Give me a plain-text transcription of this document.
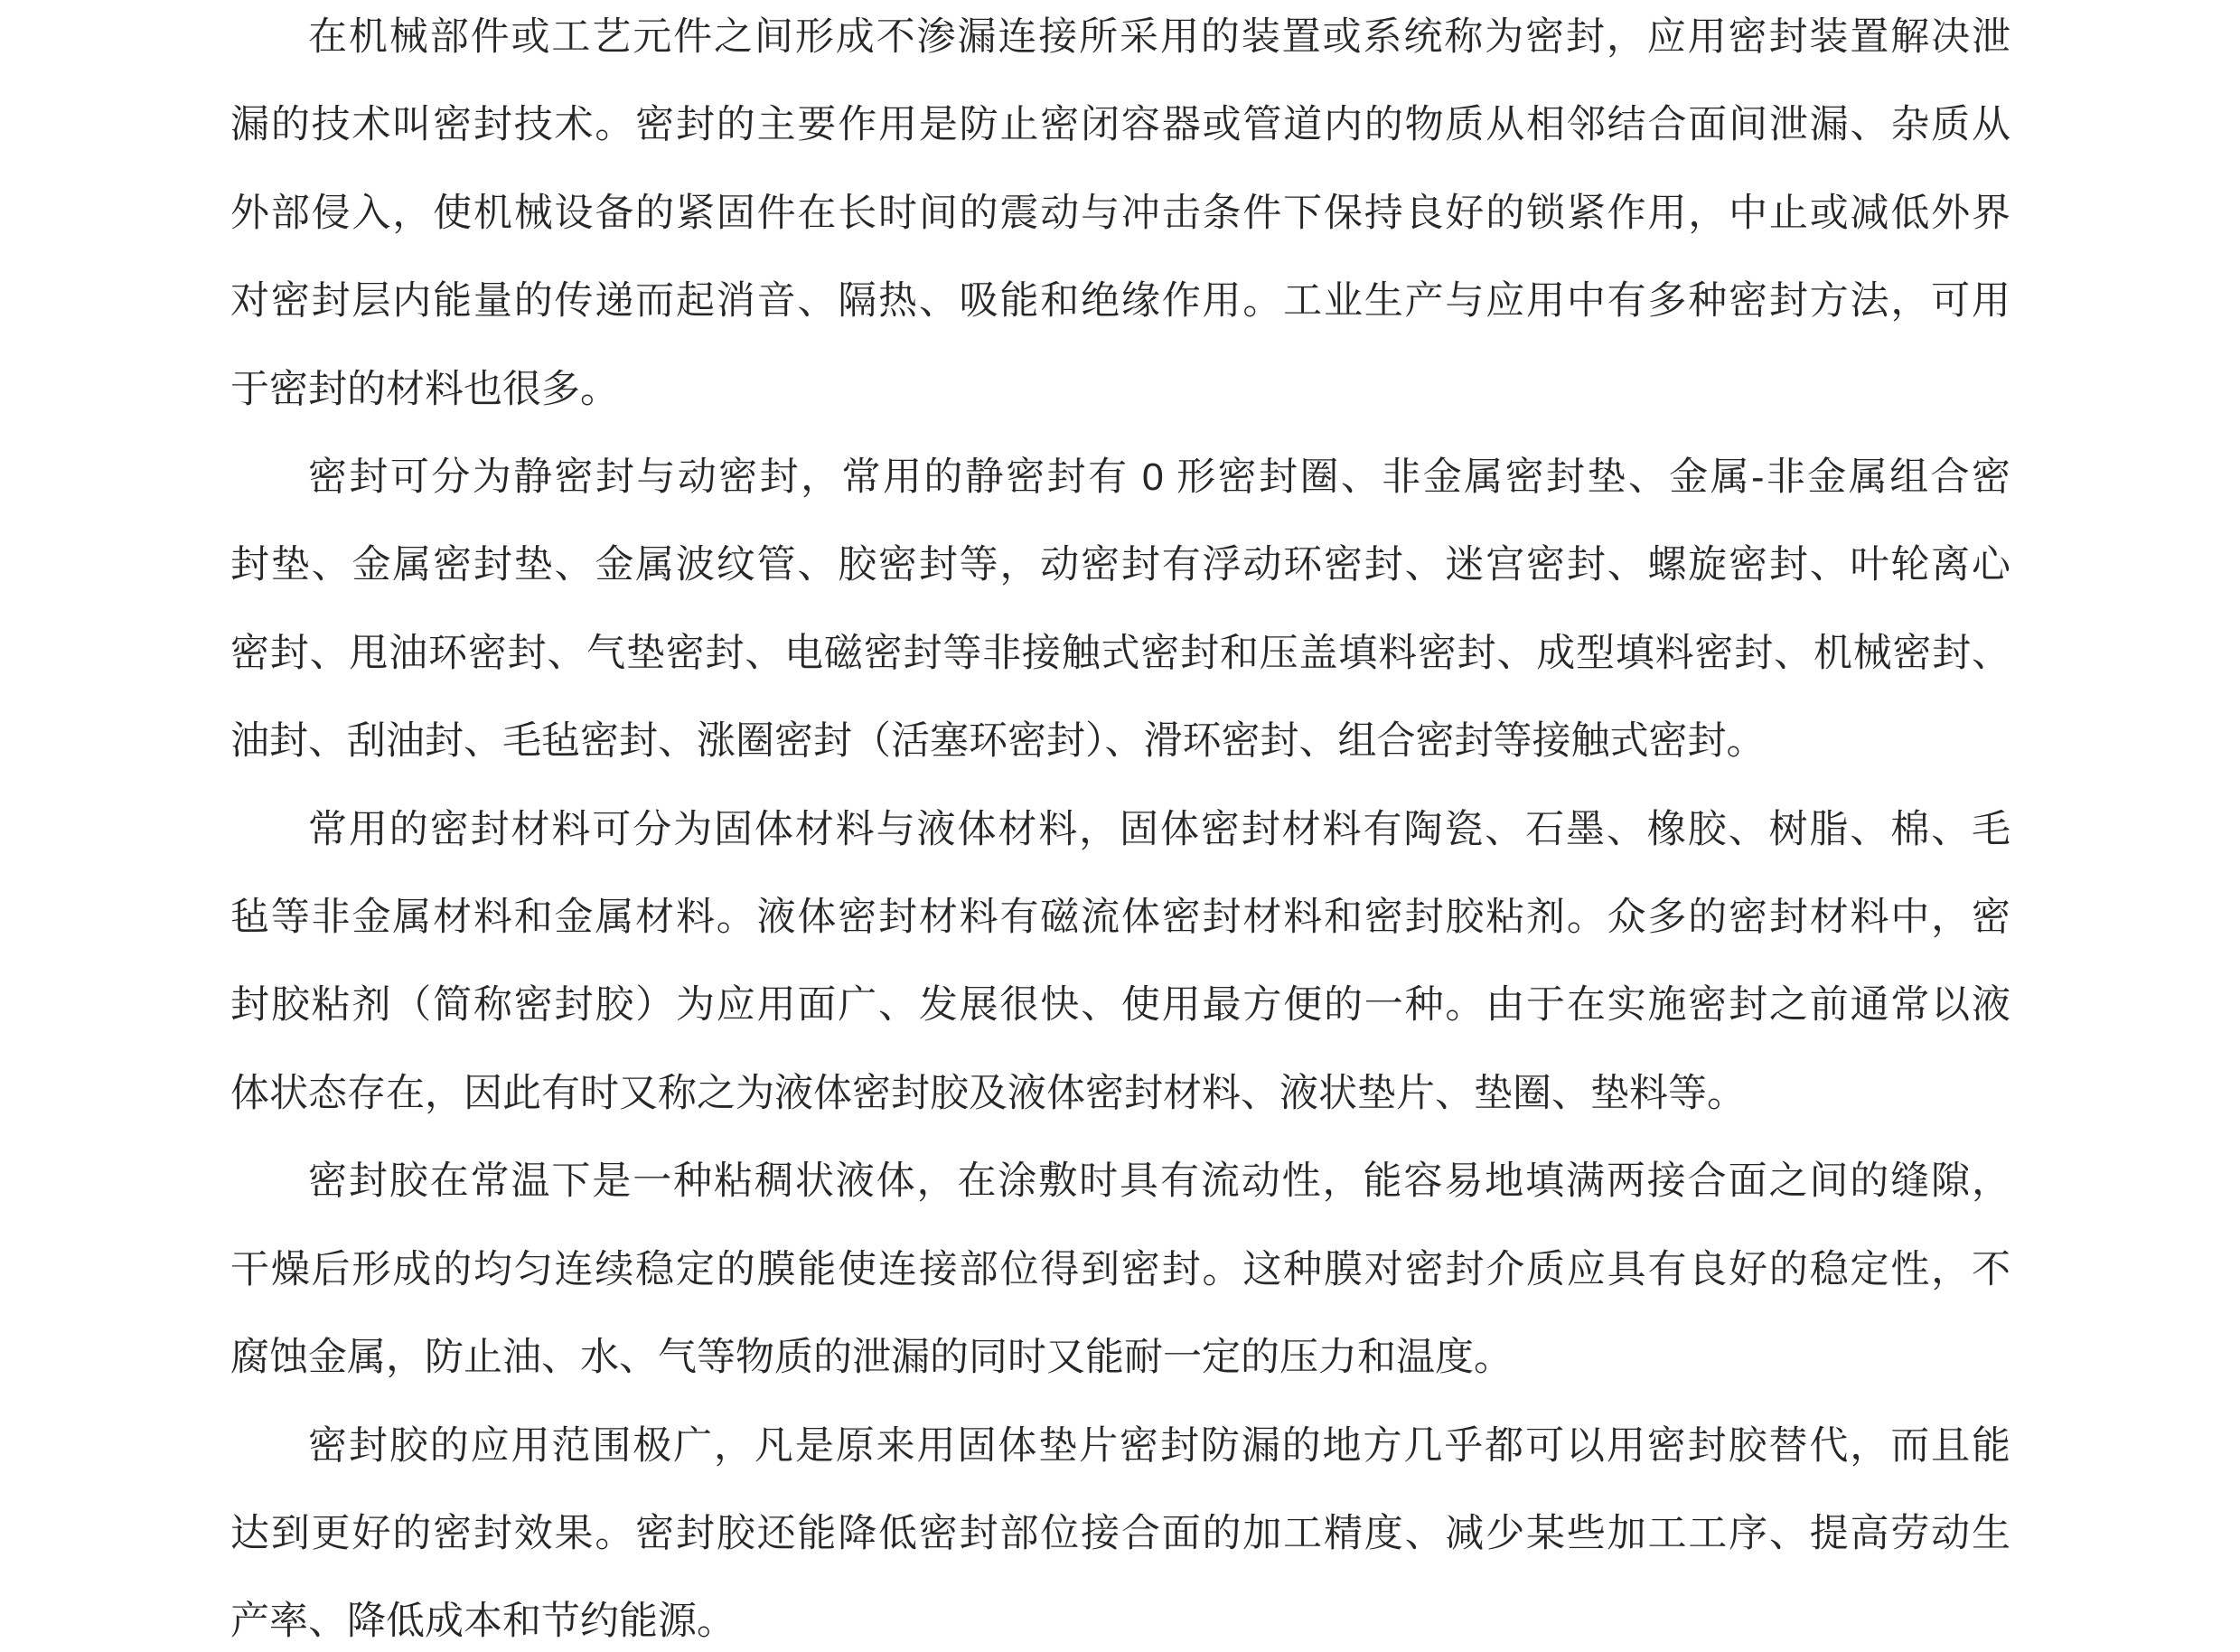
在机械部件或工艺元件之间形成不渗漏连接所采用的装置或系统称为密封，应用密封装置解决泄
漏的技术叫密封技术。密封的主要作用是防止密闭容器或管道内的物质从相邻结合面间泄漏、杂质从
外部侵入，使机械设备的紧固件在长时间的震动与冲击条件下保持良好的锁紧作用，中止或减低外界
对密封层内能量的传递而起消音、隔热、吸能和绝缘作用。工业生产与应用中有多种密封方法，可用
于密封的材料也很多。
密封可分为静密封与动密封，常用的静密封有 0 形密封圈、非金属密封垫、金属-非金属组合密
封垫、金属密封垫、金属波纹管、胶密封等，动密封有浮动环密封、迷宫密封、螺旋密封、叶轮离心
密封、甩油环密封、气垫密封、电磁密封等非接触式密封和压盖填料密封、成型填料密封、机械密封、
油封、刮油封、毛毡密封、涨圈密封（活塞环密封）、滑环密封、组合密封等接触式密封。
常用的密封材料可分为固体材料与液体材料，固体密封材料有陶瓷、石墨、橡胶、树脂、棉、毛
毡等非金属材料和金属材料。液体密封材料有磁流体密封材料和密封胶粘剂。众多的密封材料中，密
封胶粘剂（简称密封胶）为应用面广、发展很快、使用最方便的一种。由于在实施密封之前通常以液
体状态存在，因此有时又称之为液体密封胶及液体密封材料、液状垫片、垫圈、垫料等。
密封胶在常温下是一种粘稠状液体，在涂敷时具有流动性，能容易地填满两接合面之间的缝隙，
干燥后形成的均匀连续稳定的膜能使连接部位得到密封。这种膜对密封介质应具有良好的稳定性，不
腐蚀金属，防止油、水、气等物质的泄漏的同时又能耐一定的压力和温度。
密封胶的应用范围极广，凡是原来用固体垫片密封防漏的地方几乎都可以用密封胶替代，而且能
达到更好的密封效果。密封胶还能降低密封部位接合面的加工精度、减少某些加工工序、提高劳动生
产率、降低成本和节约能源。
